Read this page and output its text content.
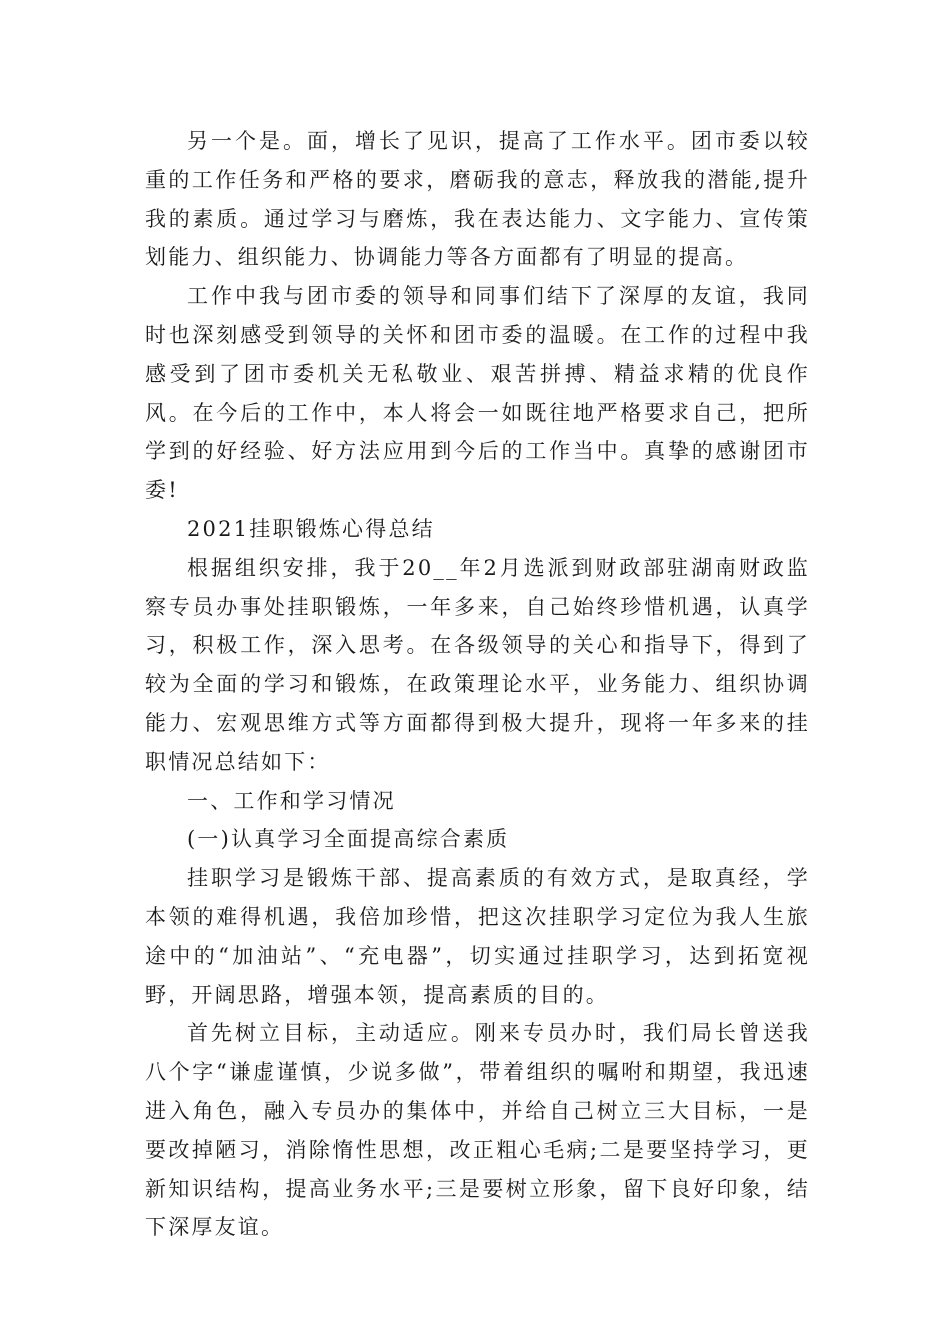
另一个是。面，增长了见识，提高了工作水平。团市委以较重的工作任务和严格的要求，磨砺我的意志，释放我的潜能,提升我的素质。通过学习与磨炼，我在表达能力、文字能力、宣传策划能力、组织能力、协调能力等各方面都有了明显的提高。

工作中我与团市委的领导和同事们结下了深厚的友谊，我同时也深刻感受到领导的关怀和团市委的温暖。在工作的过程中我感受到了团市委机关无私敬业、艰苦拼搏、精益求精的优良作风。在今后的工作中，本人将会一如既往地严格要求自己，把所学到的好经验、好方法应用到今后的工作当中。真挚的感谢团市委!

2021挂职锻炼心得总结

根据组织安排，我于20__年2月选派到财政部驻湖南财政监察专员办事处挂职锻炼，一年多来，自己始终珍惜机遇，认真学习，积极工作，深入思考。在各级领导的关心和指导下，得到了较为全面的学习和锻炼，在政策理论水平，业务能力、组织协调能力、宏观思维方式等方面都得到极大提升，现将一年多来的挂职情况总结如下：

一、工作和学习情况

(一)认真学习全面提高综合素质

挂职学习是锻炼干部、提高素质的有效方式，是取真经，学本领的难得机遇，我倍加珍惜，把这次挂职学习定位为我人生旅途中的“加油站”、“充电器”，切实通过挂职学习，达到拓宽视野，开阔思路，增强本领，提高素质的目的。

首先树立目标，主动适应。刚来专员办时，我们局长曾送我八个字“谦虚谨慎，少说多做”，带着组织的嘱咐和期望，我迅速进入角色，融入专员办的集体中，并给自己树立三大目标，一是要改掉陋习，消除惰性思想，改正粗心毛病;二是要坚持学习，更新知识结构，提高业务水平;三是要树立形象，留下良好印象，结下深厚友谊。
